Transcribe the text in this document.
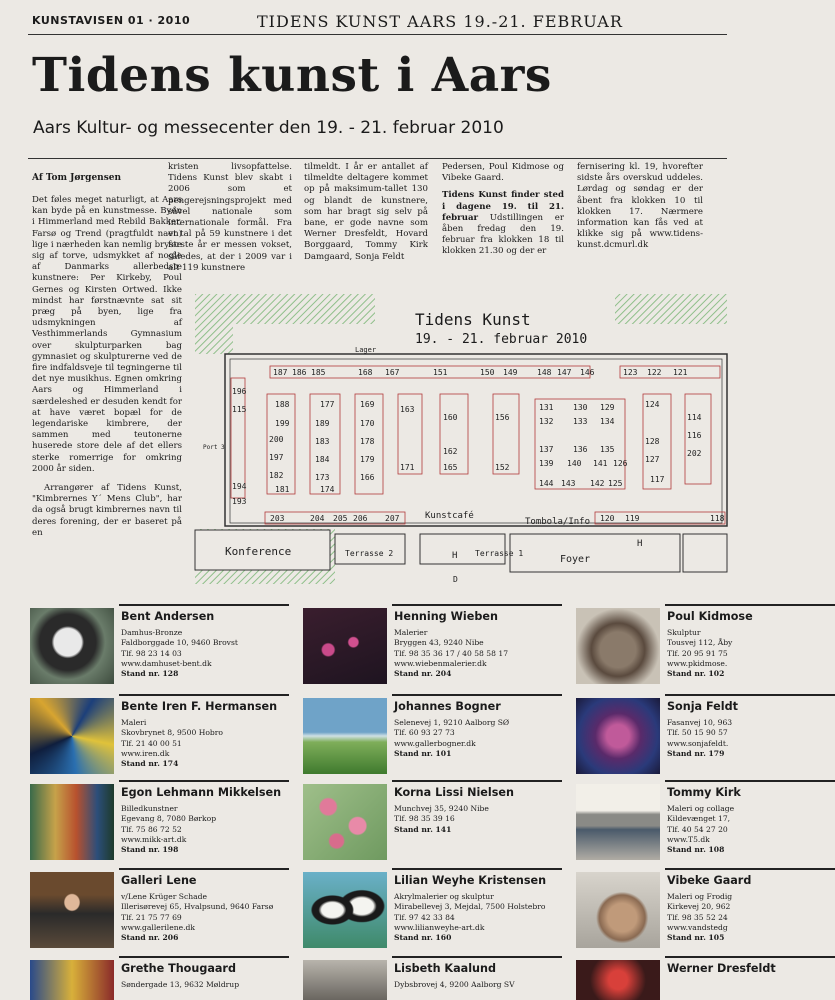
KUNSTAVISEN 01 · 2010	TIDENS KUNST AARS 19.-21. FEBRUAR
Tidens kunst i Aars
Aars Kultur- og messecenter den 19. - 21. februar 2010
Af Tom Jørgensen

Det føles meget naturligt, at Aars kan byde på en kunstmesse. Byen i Himmerland med Rebild Bakker, Farsø og Trend (pragtfuldt navn) lige i nærheden kan nemlig bryste sig af torve, udsmykket af nogle af Danmarks allerbedste kunstnere: Per Kirkeby, Poul Gernes og Kirsten Ortwed. Ikke mindst har førstnævnte sat sit præg på byen, lige fra udsmykningen af Vesthimmerlands Gymnasium over skulpturparken bag gymnasiet og skulpturerne ved de fire indfaldsveje til tegningerne til det nye musikhus. Egnen omkring Aars og Himmerland i særdeleshed er desuden kendt for at have været bopæl for de legendariske kimbrere, der sammen med teutonerne huserede store dele af det ellers sterke romerrige for omkring 2000 år siden.

Arrangører af Tidens Kunst, "Kimbrernes Y´ Mens Club", har da også brugt kimbrernes navn til deres forening, der er baseret på en

kristen livsopfattelse. Tidens Kunst blev skabt i 2006 som et pengerejsningsprojekt med såvel nationale som internationale formål. Fra et tal på 59 kunstnere i det første år er messen vokset, således, at der i 2009 var i alt 119 kunstnere

tilmeldt. I år er antallet af tilmeldte deltagere kommet op på maksimum-tallet 130 og blandt de kunstnere, som har bragt sig selv på bane, er gode navne som Werner Dresfeldt, Hovard Borggaard, Tommy Kirk Damgaard, Sonja Feldt

Pedersen, Poul Kidmose og Vibeke Gaard.

Tidens Kunst finder sted i dagene 19. til 21. februar Udstillingen er åben fredag den 19. februar fra klokken 18 til klokken 21.30 og der er

fernisering kl. 19, hvorefter sidste års overskud uddeles. Lørdag og søndag er der åbent fra klokken 10 til klokken 17. Nærmere information kan fås ved at klikke sig på www.tidens-kunst.dcmurl.dk

187 186 185	168 167	151	150 149 148 147 146	123 122 121
196
115
194
193
188
199
200
197
182
181
177
189
183
184
173
174
169
170
178
179
166
163
171
160
162
165
156
152
131 130 129
132 133 134
137 136 135
139 140 141 126
144 143 142 125
124
128
127
117
114
116
202
203	204 205 206 207	120 119	118
Lager
Port 3
Kunstcafé
Tombola/Info
Konference	Terrasse 2	Terrasse 1
Foyer
H
H
D
Tidens Kunst
19. - 21. februar 2010
Bent Andersen
Damhus-Bronze
Faldborggade 10, 9460 Brovst
Tlf. 98 23 14 03
www.damhuset-bent.dk
Stand nr. 128
Henning Wieben
Malerier
Bryggen 43, 9240 Nibe
Tlf. 98 35 36 17 / 40 58 58 17
www.wiebenmalerier.dk
Stand nr. 204
Poul Kidmose
Skulptur
Tousvej 112, Åby
Tlf. 20 95 91 75
www.pkidmose.
Stand nr. 102
Bente Iren F. Hermansen
Maleri
Skovbrynet 8, 9500 Hobro
Tlf. 21 40 00 51
www.iren.dk
Stand nr. 174
Johannes Bogner
Selenevej 1, 9210 Aalborg SØ
Tlf. 60 93 27 73
www.gallerbogner.dk
Stand nr. 101
Sonja Feldt
Fasanvej 10, 963
Tlf. 50 15 90 57
www.sonjafeldt.
Stand nr. 179
Egon Lehmann Mikkelsen
Billedkunstner
Egevang 8, 7080 Børkop
Tlf. 75 86 72 52
www.mikk-art.dk
Stand nr. 198
Korna Lissi Nielsen
Munchvej 35, 9240 Nibe
Tlf. 98 35 39 16
Stand nr. 141
Tommy Kirk
Maleri og collage
Kildevænget 17,
Tlf. 40 54 27 20
www.T5.dk
Stand nr. 108
Galleri Lene
v/Lene Krüger Schade
Illerisørevej 65, Hvalpsund, 9640 Farsø
Tlf. 21 75 77 69
www.gallerilene.dk
Stand nr. 206
Lilian Weyhe Kristensen
Akrylmalerier og skulptur
Mirabellevej 3, Mejdal, 7500 Holstebro
Tlf. 97 42 33 84
www.lilianweyhe-art.dk
Stand nr. 160
Vibeke Gaard
Maleri og Frodig
Kirkevej 20, 962
Tlf. 98 35 52 24
www.vandstedg
Stand nr. 105
Grethe Thougaard
Søndergade 13, 9632 Møldrup
Lisbeth Kaalund
Dybsbrovej 4, 9200 Aalborg SV
Werner Dresfeldt
